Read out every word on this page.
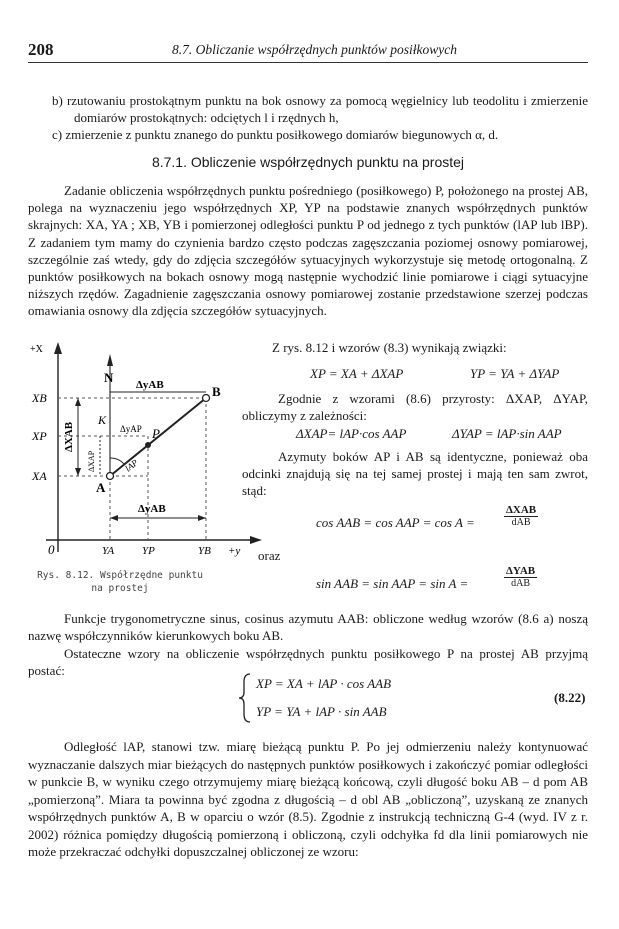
208	8.7. Obliczanie współrzędnych punktów posiłkowych
b) rzutowaniu prostokątnym punktu na bok osnowy za pomocą węgielnicy lub teodolitu i zmierzenie domiarów prostokątnych: odciętych l i rzędnych h,
c) zmierzenie z punktu znanego do punktu posiłkowego domiarów biegunowych α, d.
8.7.1. Obliczenie współrzędnych punktu na prostej
Zadanie obliczenia współrzędnych punktu pośredniego (posiłkowego) P, położonego na prostej AB, polega na wyznaczeniu jego współrzędnych XP, YP na podstawie znanych współrzędnych punktów skrajnych: XA, YA ; XB, YB i pomierzonej odległości punktu P od jednego z tych punktów (lAP lub lBP). Z zadaniem tym mamy do czynienia bardzo często podczas zagęszczania poziomej osnowy pomiarowej, szczególnie zaś wtedy, gdy do zdjęcia szczegółów sytuacyjnych wykorzystuje się metodę ortogonalną. Z punktów posiłkowych na bokach osnowy mogą następnie wychodzić linie pomiarowe i ciągi sytuacyjne niższych rzędów. Zagadnienie zagęszczania osnowy pomiarowej zostanie przedstawione szerzej podczas omawiania osnowy dla zdjęcia szczegółów sytuacyjnych.
+X
XB
XP
XA
N
B
P
A
K
ΔyAB
ΔXAB	ΔyAP
ΔXAP
ΔyAB
lAP
0	YA	YP	YB +y
Rys. 8.12. Współrzędne punktu
na prostej
Z rys. 8.12 i wzorów (8.3) wynikają związki:
XP = XA + ΔXAP	YP = YA + ΔYAP
Zgodnie z wzorami (8.6) przyrosty: ΔXAP, ΔYAP, obliczymy z zależności:
ΔXAP= lAP·cos AAP	ΔYAP = lAP·sin AAP
Azymuty boków AP i AB są identyczne, ponieważ oba odcinki znajdują się na tej samej prostej i mają ten sam zwrot, stąd:
cos AAB = cos AAP = cos A =
ΔXAB
dAB
oraz
sin AAB = sin AAP = sin A =
ΔYAB
dAB
Funkcje trygonometryczne sinus, cosinus azymutu AAB: obliczone według wzorów (8.6 a) noszą nazwę współczynników kierunkowych boku AB.
Ostateczne wzory na obliczenie współrzędnych punktu posiłkowego P na prostej AB przyjmą postać:
XP = XA + lAP · cos AAB
YP = YA + lAP · sin AAB
(8.22)
Odległość lAP, stanowi tzw. miarę bieżącą punktu P. Po jej odmierzeniu należy kontynuować wyznaczanie dalszych miar bieżących do następnych punktów posiłkowych i zakończyć pomiar odległości w punkcie B, w wyniku czego otrzymujemy miarę bieżącą końcową, czyli długość boku AB – d pom AB „pomierzoną”. Miara ta powinna być zgodna z długością – d obl AB „obliczoną”, uzyskaną ze znanych współrzędnych punktów A, B w oparciu o wzór (8.5). Zgodnie z instrukcją techniczną G-4 (wyd. IV z r. 2002) różnica pomiędzy długością pomierzoną i obliczoną, czyli odchyłka fd dla linii pomiarowych nie może przekraczać odchyłki dopuszczalnej obliczonej ze wzoru:
